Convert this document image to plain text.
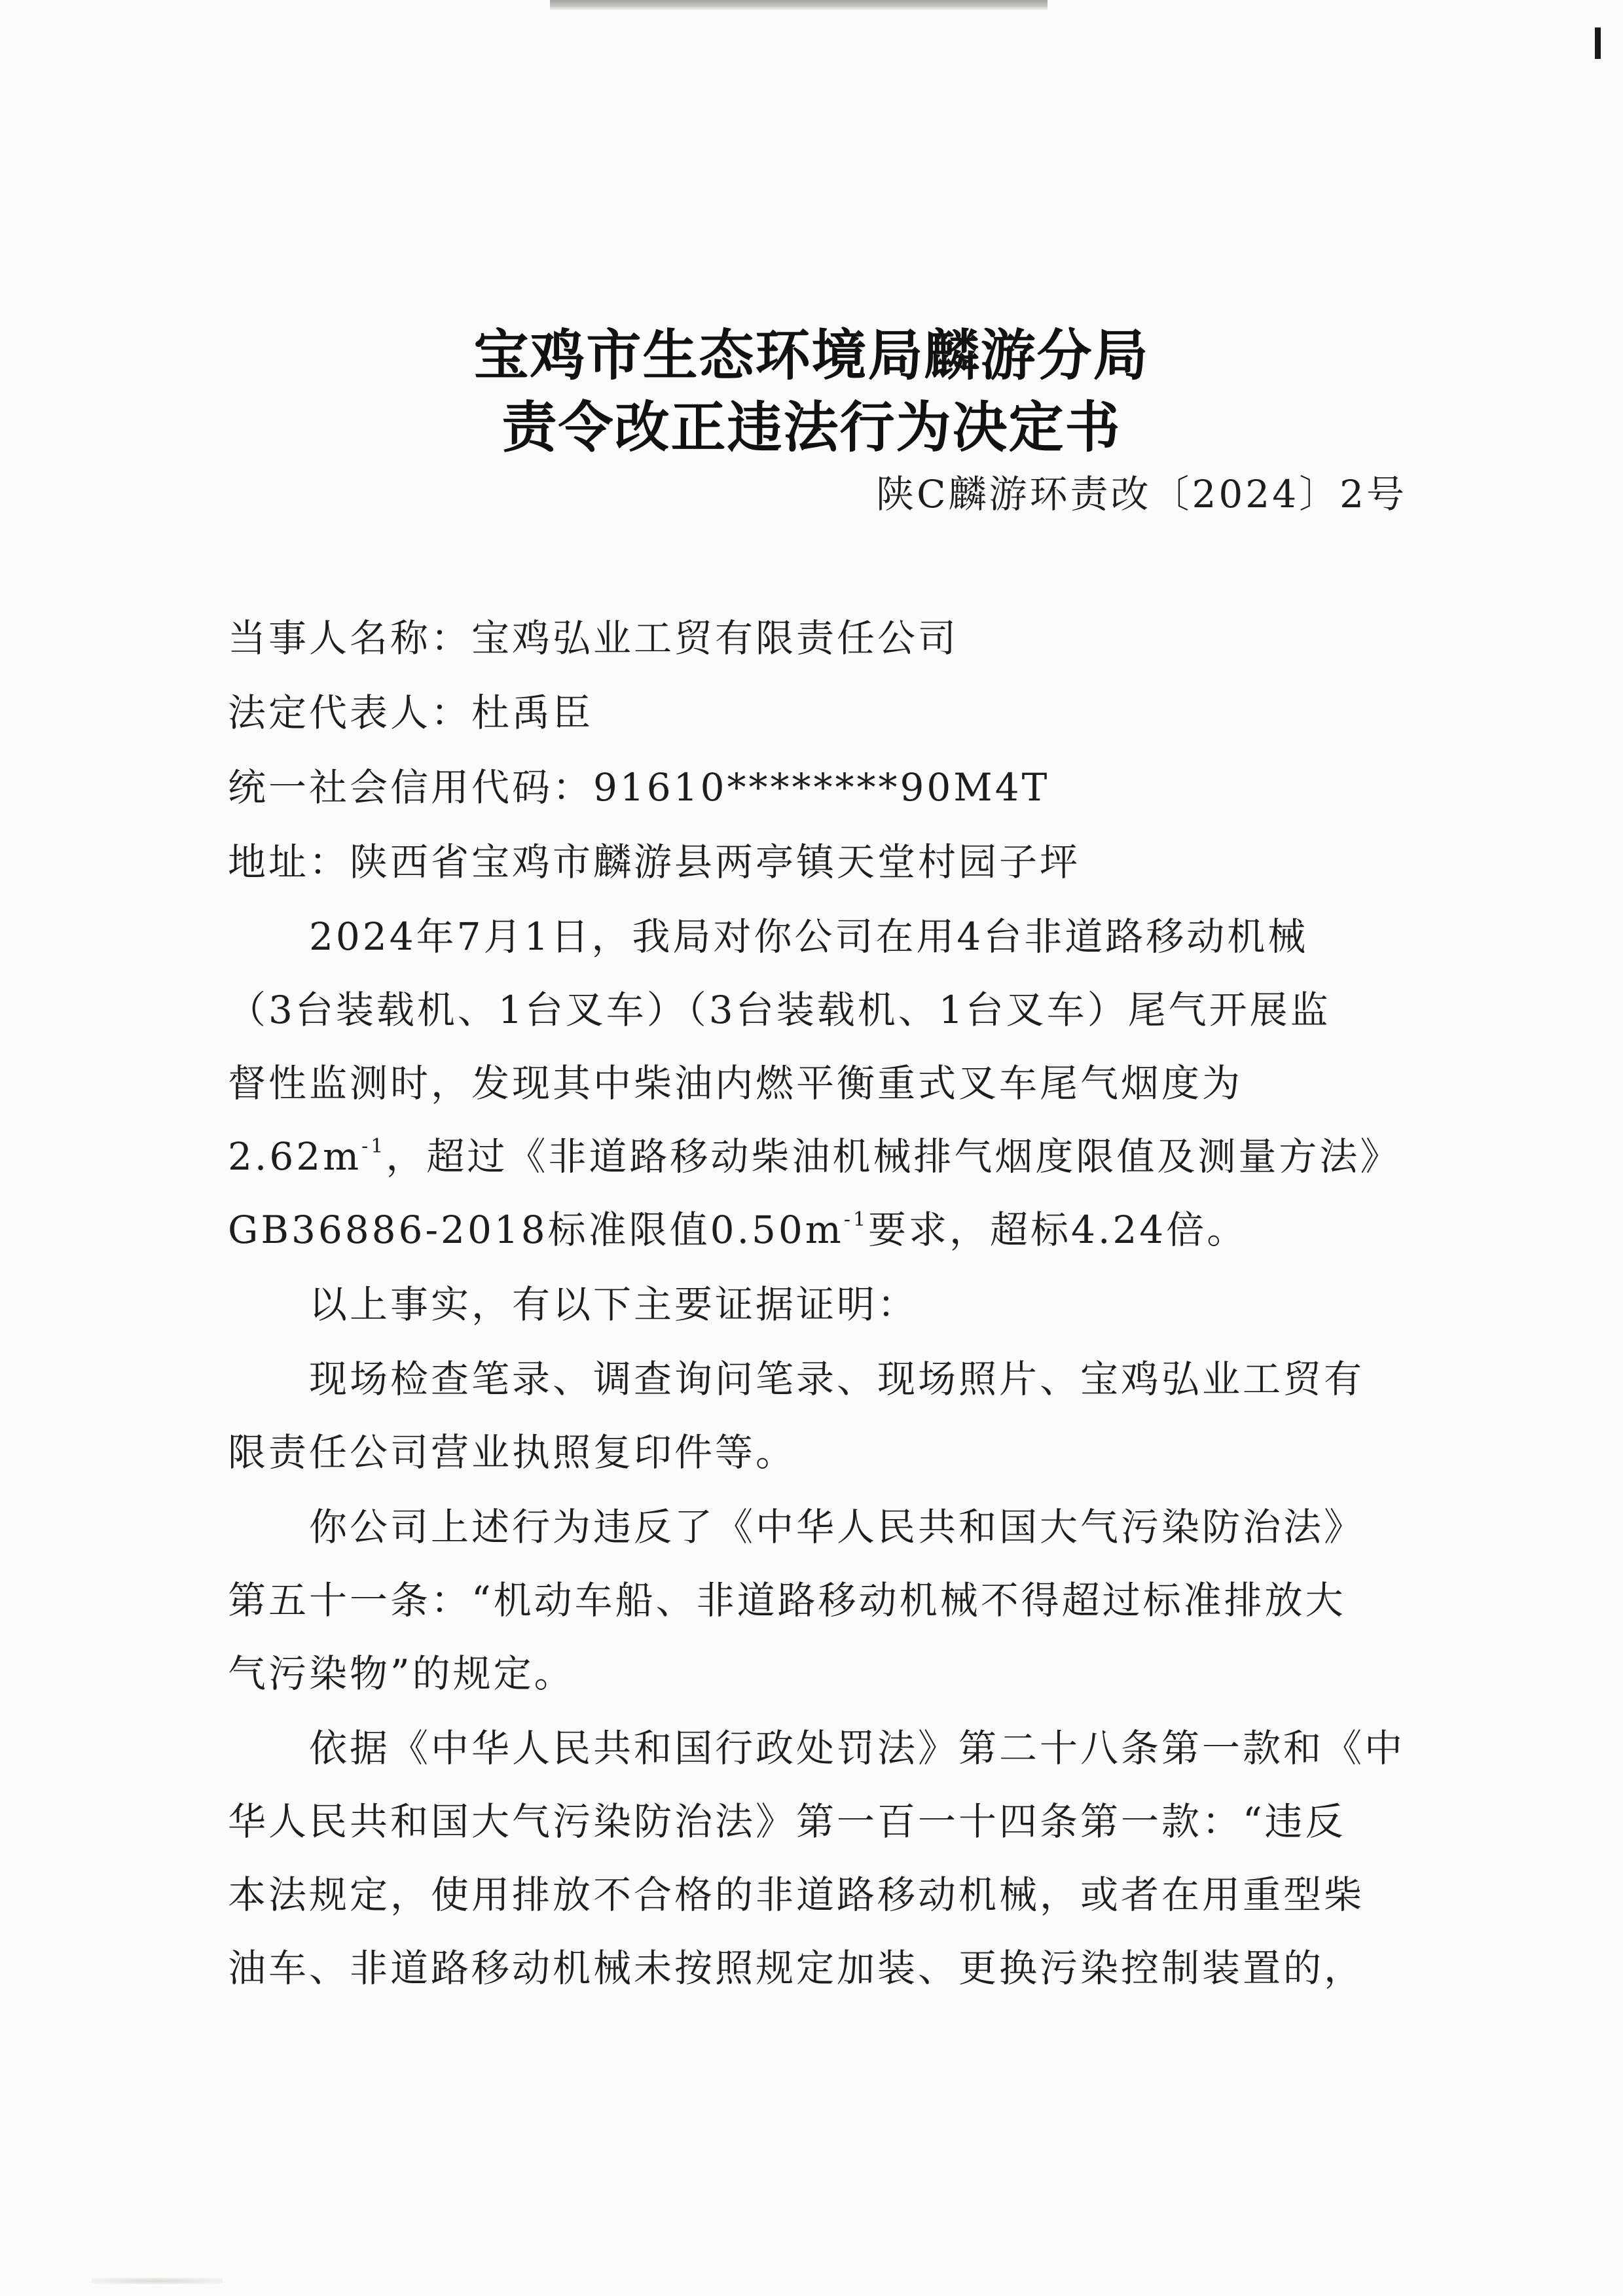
宝鸡市生态环境局麟游分局
责令改正违法行为决定书
陕C麟游环责改〔2024〕2号
当事人名称：宝鸡弘业工贸有限责任公司
法定代表人：杜禹臣
统一社会信用代码：91610********90M4T
地址：陕西省宝鸡市麟游县两亭镇天堂村园子坪
2024年7月1日，我局对你公司在用4台非道路移动机械
（3台装载机、1台叉车）（3台装载机、1台叉车）尾气开展监
督性监测时，发现其中柴油内燃平衡重式叉车尾气烟度为
$2.62m^{-1}$，超过《非道路移动柴油机械排气烟度限值及测量方法》
GB36886-2018标准限值$0.50m^{-1}$要求，超标4.24倍。
以上事实，有以下主要证据证明：
现场检查笔录、调查询问笔录、现场照片、宝鸡弘业工贸有
限责任公司营业执照复印件等。
你公司上述行为违反了《中华人民共和国大气污染防治法》
第五十一条：“机动车船、非道路移动机械不得超过标准排放大
气污染物”的规定。
依据《中华人民共和国行政处罚法》第二十八条第一款和《中
华人民共和国大气污染防治法》第一百一十四条第一款：“违反
本法规定，使用排放不合格的非道路移动机械，或者在用重型柴
油车、非道路移动机械未按照规定加装、更换污染控制装置的，
